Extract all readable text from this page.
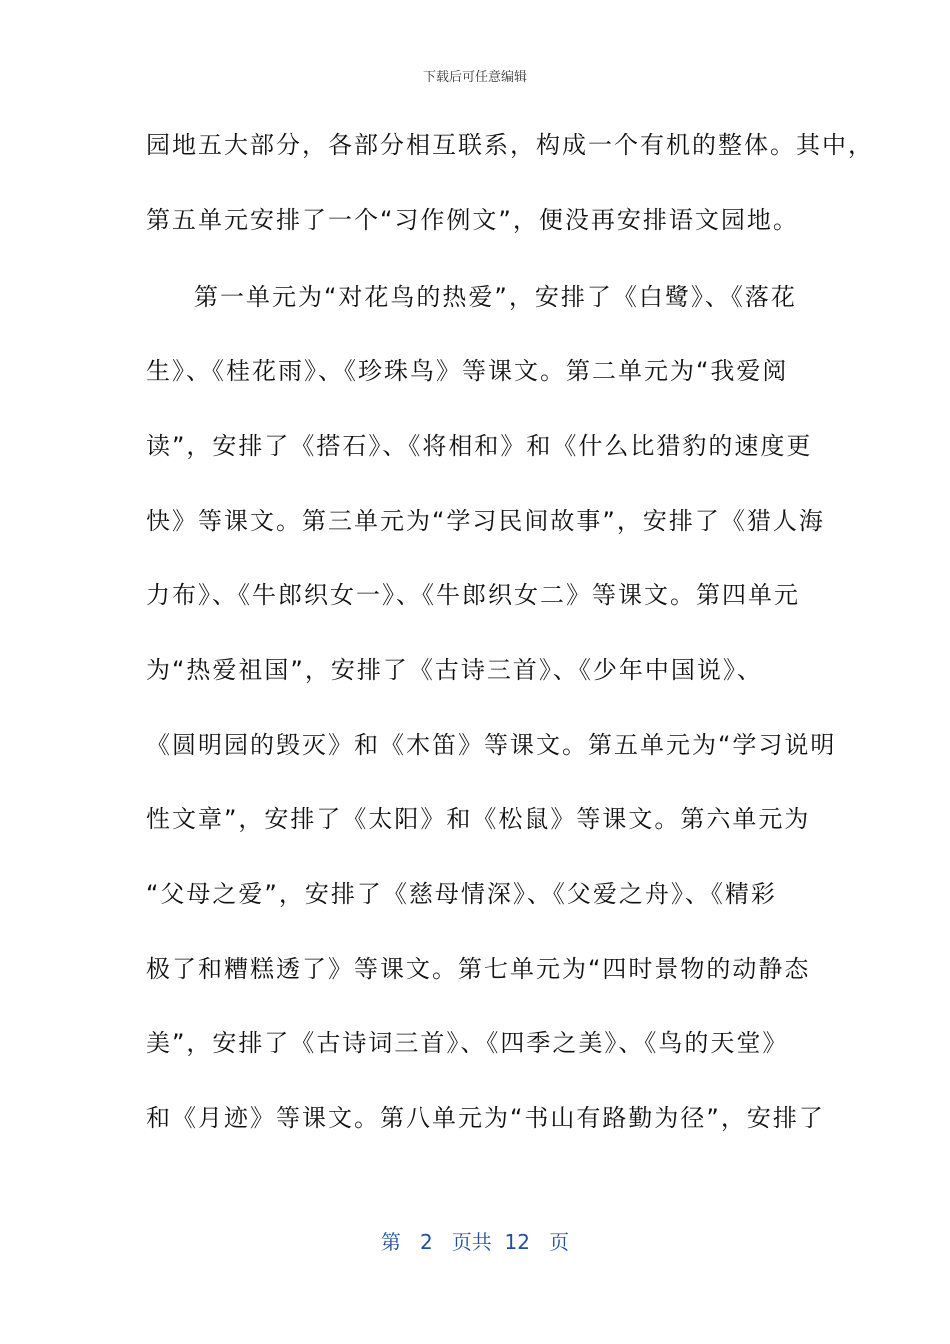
下载后可任意编辑
园地五大部分，各部分相互联系，构成一个有机的整体。其中，
第五单元安排了一个“习作例文”，便没再安排语文园地。
第一单元为“对花鸟的热爱”，安排了《白鹭》、《落花
生》、《桂花雨》、《珍珠鸟》等课文。第二单元为“我爱阅
读”，安排了《搭石》、《将相和》和《什么比猎豹的速度更
快》等课文。第三单元为“学习民间故事”，安排了《猎人海
力布》、《牛郎织女一》、《牛郎织女二》等课文。第四单元
为“热爱祖国”，安排了《古诗三首》、《少年中国说》、
《圆明园的毁灭》和《木笛》等课文。第五单元为“学习说明
性文章”，安排了《太阳》和《松鼠》等课文。第六单元为
“父母之爱”，安排了《慈母情深》、《父爱之舟》、《精彩
极了和糟糕透了》等课文。第七单元为“四时景物的动静态
美”，安排了《古诗词三首》、《四季之美》、《鸟的天堂》
和《月迹》等课文。第八单元为“书山有路勤为径”，安排了
第 2 页共 12 页
